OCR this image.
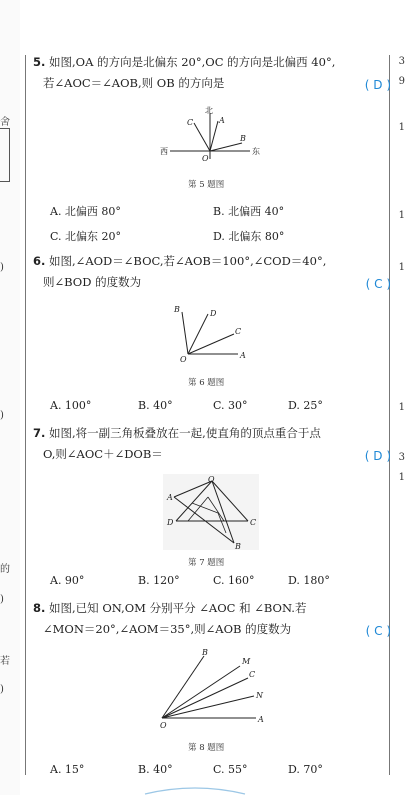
舍
)
)
的
)
若
)
3
9
1
1
1
1
3
1
5. 如图,OA 的方向是北偏东 20°,OC 的方向是北偏西 40°,
若∠AOC＝∠AOB,则 OB 的方向是	( D )
北
西	东
O
A
B
C
第 5 题图
A. 北偏西 80°	B. 北偏西 40°
C. 北偏东 20°	D. 北偏东 80°
6. 如图,∠AOD＝∠BOC,若∠AOB＝100°,∠COD＝40°,
则∠BOD 的度数为	( C )
O	A
B
C
D
第 6 题图
A. 100°	B. 40°	C. 30°	D. 25°
7. 如图,将一副三角板叠放在一起,使直角的顶点重合于点
O,则∠AOC＋∠DOB＝	( D )
O
A
D	C
B
第 7 题图
A. 90°	B. 120°	C. 160°	D. 180°
8. 如图,已知 ON,OM 分别平分 ∠AOC 和 ∠BON.若
∠MON＝20°,∠AOM＝35°,则∠AOB 的度数为	( C )
O
A
B
M
C
N
第 8 题图
A. 15°	B. 40°	C. 55°	D. 70°
